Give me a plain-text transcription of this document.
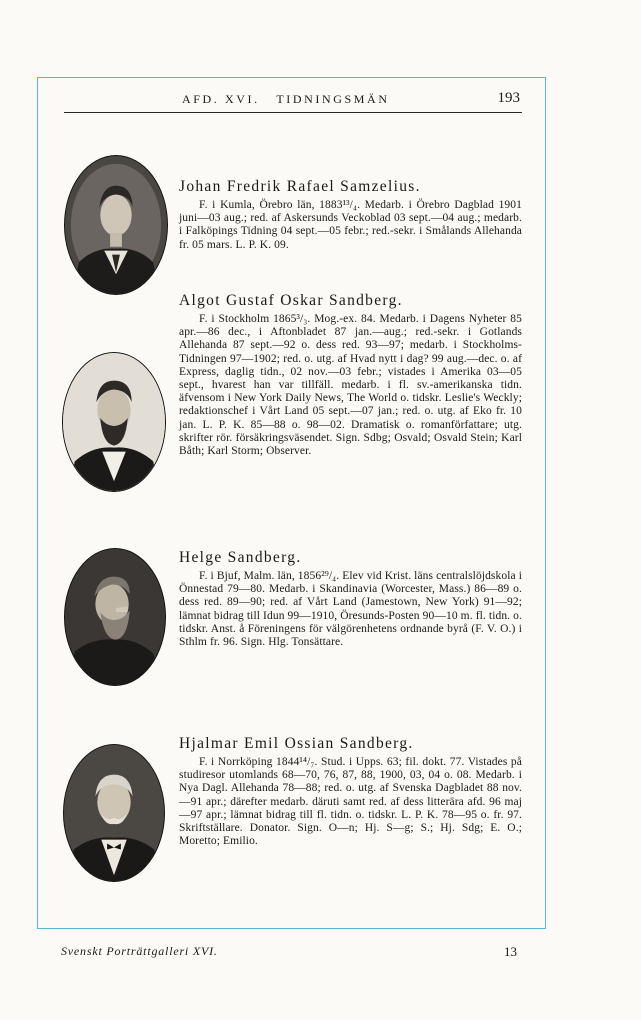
AFD. XVI.   TIDNINGSMÄN	193

Johan Fredrik Rafael Samzelius.

F. i Kumla, Örebro län, 1883¹³/₄. Medarb. i Örebro Dagblad 1901 juni—03 aug.; red. af Askersunds Veckoblad 03 sept.—04 aug.; medarb. i Falköpings Tidning 04 sept.—05 febr.; red.-sekr. i Smålands Allehanda fr. 05 mars. L. P. K. 09.

Algot Gustaf Oskar Sandberg.

F. i Stockholm 1865³/₃. Mog.-ex. 84. Medarb. i Dagens Nyheter 85 apr.—86 dec., i Aftonbladet 87 jan.—aug.; red.-sekr. i Gotlands Allehanda 87 sept.—92 o. dess red. 93—97; medarb. i Stockholms-Tidningen 97—1902; red. o. utg. af Hvad nytt i dag? 99 aug.—dec. o. af Express, daglig tidn., 02 nov.—03 febr.; vistades i Amerika 03—05 sept., hvarest han var tillfäll. medarb. i fl. sv.-amerikanska tidn. äfvensom i New York Daily News, The World o. tidskr. Leslie's Weckly; redaktionschef i Vårt Land 05 sept.—07 jan.; red. o. utg. af Eko fr. 10 jan. L. P. K. 85—88 o. 98—02. Dramatisk o. romanförfattare; utg. skrifter rör. försäkringsväsendet. Sign. Sdbg; Osvald; Osvald Stein; Karl Båth; Karl Storm; Observer.

Helge Sandberg.

F. i Bjuf, Malm. län, 1856²⁹/₄. Elev vid Krist. läns centralslöjdskola i Önnestad 79—80. Medarb. i Skandinavia (Worcester, Mass.) 86—89 o. dess red. 89—90; red. af Vårt Land (Jamestown, New York) 91—92; lämnat bidrag till Idun 99—1910, Öresunds-Posten 90—10 m. fl. tidn. o. tidskr. Anst. å Föreningens för välgörenhetens ordnande byrå (F. V. O.) i Sthlm fr. 96. Sign. Hlg. Tonsättare.

Hjalmar Emil Ossian Sandberg.

F. i Norrköping 1844¹⁴/₇. Stud. i Upps. 63; fil. dokt. 77. Vistades på studiresor utomlands 68—70, 76, 87, 88, 1900, 03, 04 o. 08. Medarb. i Nya Dagl. Allehanda 78—88; red. o. utg. af Svenska Dagbladet 88 nov.—91 apr.; därefter medarb. däruti samt red. af dess litterära afd. 96 maj—97 apr.; lämnat bidrag till fl. tidn. o. tidskr. L. P. K. 78—95 o. fr. 97. Skriftställare. Donator. Sign. O—n; Hj. S—g; S.; Hj. Sdg; E. O.; Moretto; Emilio.

Svenskt Porträttgalleri XVI.	13
